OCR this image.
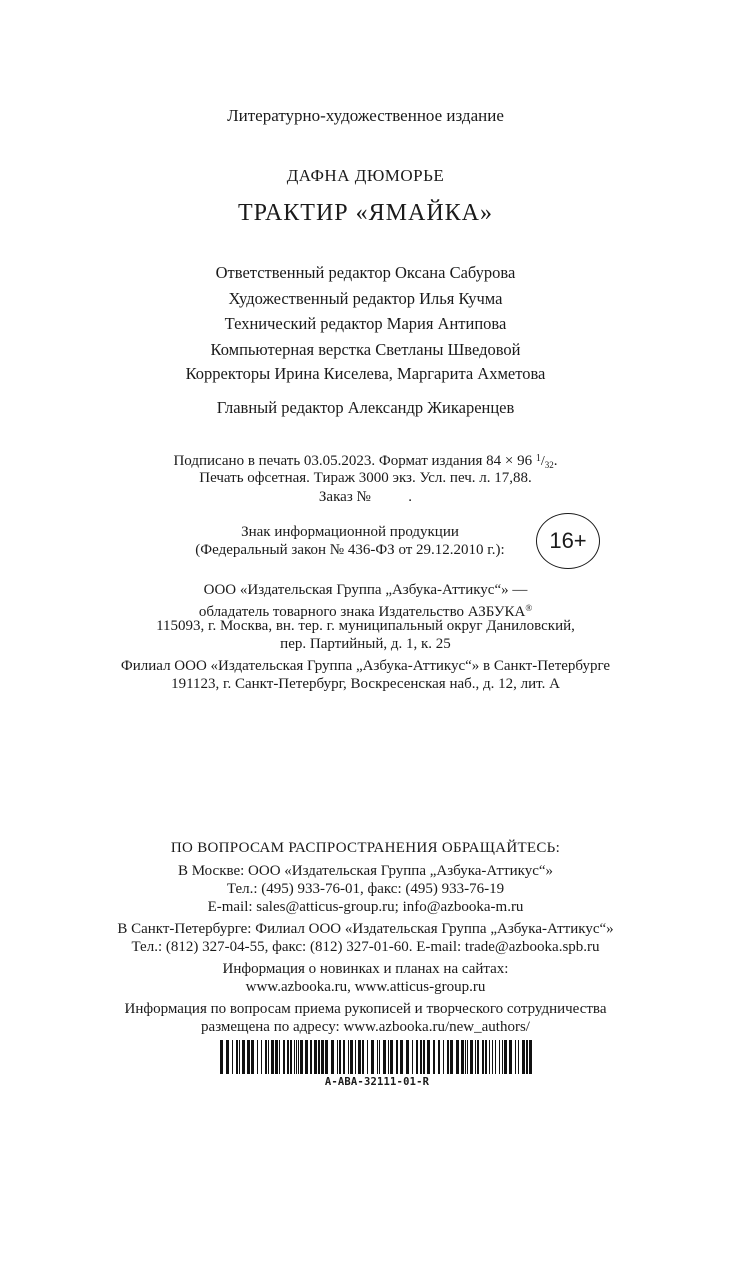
Литературно-художественное издание
ДАФНА ДЮМОРЬЕ
ТРАКТИР «ЯМАЙКА»
Ответственный редактор Оксана Сабурова
Художественный редактор Илья Кучма
Технический редактор Мария Антипова
Компьютерная верстка Светланы Шведовой
Корректоры Ирина Киселева, Маргарита Ахметова
Главный редактор Александр Жикаренцев
Подписано в печать 03.05.2023. Формат издания 84 × 96 1/32.
Печать офсетная. Тираж 3000 экз. Усл. печ. л. 17,88.
Заказ №          .
Знак информационной продукции
(Федеральный закон № 436-ФЗ от 29.12.2010 г.):	16+
ООО «Издательская Группа „Азбука-Аттикус“» —
обладатель товарного знака Издательство АЗБУКА®
115093, г. Москва, вн. тер. г. муниципальный округ Даниловский,
пер. Партийный, д. 1, к. 25
Филиал ООО «Издательская Группа „Азбука-Аттикус“» в Санкт-Петербурге
191123, г. Санкт-Петербург, Воскресенская наб., д. 12, лит. А
ПО ВОПРОСАМ РАСПРОСТРАНЕНИЯ ОБРАЩАЙТЕСЬ:
В Москве: ООО «Издательская Группа „Азбука-Аттикус“»
Тел.: (495) 933-76-01, факс: (495) 933-76-19
E-mail: sales@atticus-group.ru; info@azbooka-m.ru
В Санкт-Петербурге: Филиал ООО «Издательская Группа „Азбука-Аттикус“»
Тел.: (812) 327-04-55, факс: (812) 327-01-60. E-mail: trade@azbooka.spb.ru
Информация о новинках и планах на сайтах:
www.azbooka.ru, www.atticus-group.ru
Информация по вопросам приема рукописей и творческого сотрудничества
размещена по адресу: www.azbooka.ru/new_authors/
A-ABA-32111-01-R
